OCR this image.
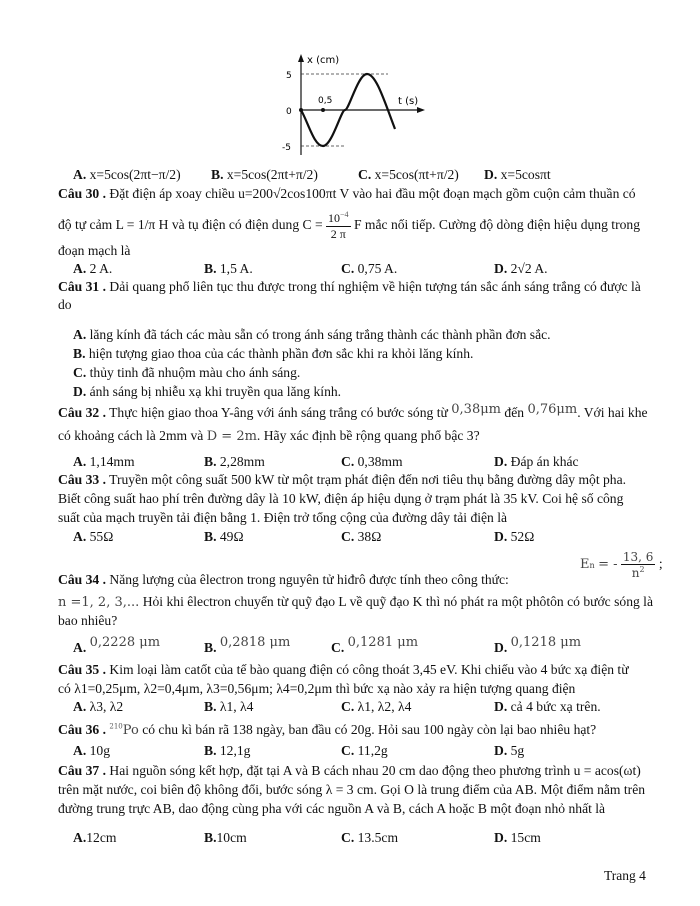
x (cm)
t (s)
5
0
-5
0,5
A. x=5cos(2πt−π/2) B. x=5cos(2πt+π/2)	C. x=5cos(πt+π/2) D. x=5cosπt
Câu 30 . Đặt điện áp xoay chiều u=200√2cos100πt V vào hai đầu một đoạn mạch gồm cuộn cảm thuần có
độ tự cảm L = 1/π H và tụ điện có điện dung $C = \frac{10^{-4}}{2 \pi}$ F mắc nối tiếp. Cường độ dòng điện hiệu dụng trong
đoạn mạch là
A. 2 A.	B. 1,5 A.	C. 0,75 A.	D. 2√2 A.
Câu 31 . Dải quang phổ liên tục thu được trong thí nghiệm về hiện tượng tán sắc ánh sáng trắng có được là
do
A. lăng kính đã tách các màu sẵn có trong ánh sáng trắng thành các thành phần đơn sắc.
B. hiện tượng giao thoa của các thành phần đơn sắc khi ra khỏi lăng kính.
C. thủy tinh đã nhuộm màu cho ánh sáng.
D. ánh sáng bị nhiễu xạ khi truyền qua lăng kính.
Câu 32 . Thực hiện giao thoa Y-âng với ánh sáng trắng có bước sóng từ 0,38μm đến 0,76μm. Với hai khe
có khoảng cách là 2mm và D = 2m. Hãy xác định bề rộng quang phổ bậc 3?
A. 1,14mm	B. 2,28mm	C. 0,38mm	D. Đáp án khác
Câu 33 . Truyền một công suất 500 kW từ một trạm phát điện đến nơi tiêu thụ bằng đường dây một pha.
Biết công suất hao phí trên đường dây là 10 kW, điện áp hiệu dụng ở trạm phát là 35 kV. Coi hệ số công
suất của mạch truyền tải điện bằng 1. Điện trở tổng cộng của đường dây tải điện là
A. 55Ω	B. 49Ω	C. 38Ω	D. 52Ω
Câu 34 . Năng lượng của êlectron trong nguyên tử hiđrô được tính theo công thức:
En = - $\frac{13, 6}{n^2}$ ;
n =1, 2, 3,... Hỏi khi êlectron chuyển từ quỹ đạo L về quỹ đạo K thì nó phát ra một phôtôn có bước sóng là
bao nhiêu?
A. 0,2228 μm	B. 0,2818 μm	C. 0,1281 μm	D. 0,1218 μm
Câu 35 . Kim loại làm catốt của tế bào quang điện có công thoát 3,45 eV. Khi chiếu vào 4 bức xạ điện từ
có λ1=0,25μm, λ2=0,4μm, λ3=0,56μm; λ4=0,2μm thì bức xạ nào xảy ra hiện tượng quang điện
A. λ3, λ2	B. λ1, λ4	C. λ1, λ2, λ4	D. cả 4 bức xạ trên.
Câu 36 . $^{210}$Po có chu kì bán rã 138 ngày, ban đầu có 20g. Hỏi sau 100 ngày còn lại bao nhiêu hạt?
A. 10g	B. 12,1g	C. 11,2g	D. 5g
Câu 37 . Hai nguồn sóng kết hợp, đặt tại A và B cách nhau 20 cm dao động theo phương trình u = acos(ωt)
trên mặt nước, coi biên độ không đổi, bước sóng λ = 3 cm. Gọi O là trung điểm của AB. Một điểm nằm trên
đường trung trực AB, dao động cùng pha với các nguồn A và B, cách A hoặc B một đoạn nhỏ nhất là
A.12cm	B.10cm	C. 13.5cm	D. 15cm
Trang 4
